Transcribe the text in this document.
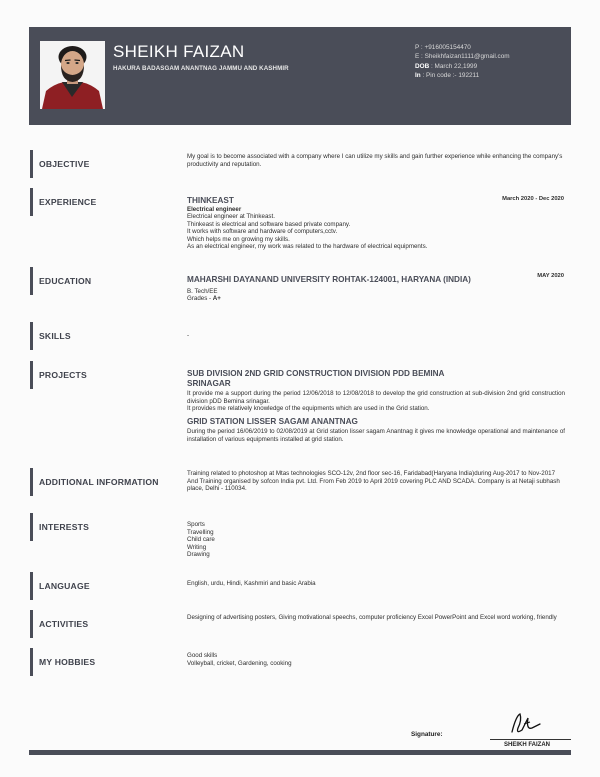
SHEIKH FAIZAN
HAKURA BADASGAM ANANTNAG JAMMU AND KASHMIR
P : +916005154470
E : Sheikhfaizan1111@gmail.com
DOB : March 22,1999
In : Pin code :- 192211
OBJECTIVE
My goal is to become associated with a company where I can utilize my skills and gain further experience while enhancing the company's productivity and reputation.
EXPERIENCE	March 2020 - Dec 2020

THINKEAST

Electrical engineer

Electrical engineer at Thinkeast.

Thinkeast is electrical and software based private company.

It works with software and hardware of computers,cctv.

Which helps me on growing my skills.

As an electrical engineer, my work was related to the hardware of electrical equipments.

EDUCATION	MAY 2020

MAHARSHI DAYANAND UNIVERSITY ROHTAK-124001, HARYANA (INDIA)

B. Tech/EE

Grades - A+

SKILLS	-
PROJECTS	SUB DIVISION 2ND GRID CONSTRUCTION DIVISION PDD BEMINA SRINAGAR

It provide me a support during the period 12/06/2018 to 12/08/2018 to develop the grid construction at sub-division 2nd grid construction division pDD Bemina srinagar.

It provides me relatively knowledge of the equipments which are used in the Grid station.

GRID STATION LISSER SAGAM ANANTNAG

During the period 16/06/2019 to 02/08/2019 at Grid station lisser sagam Anantnag it gives me knowledge operational and maintenance of installation of various equipments installed at grid station.

ADDITIONAL INFORMATION

Training related to photoshop at Mtas technologies SCO-12v, 2nd floor sec-16, Faridabad(Haryana India)during Aug-2017 to Nov-2017

And Training organised by sofcon India pvt. Ltd. From Feb 2019 to April 2019 covering PLC AND SCADA. Company is at Netaji subhash place, Delhi - 110034.

INTERESTS	Sports

Travelling

Child care

Writing

Drawing

LANGUAGE	English, urdu, Hindi, Kashmiri and basic Arabia
ACTIVITIES
Designing of advertising posters, Giving motivational speechs, computer proficiency Excel PowerPoint and Excel word working, friendly
MY HOBBIES

Good skills

Volleyball, cricket, Gardening, cooking

Signature:
SHEIKH FAIZAN
